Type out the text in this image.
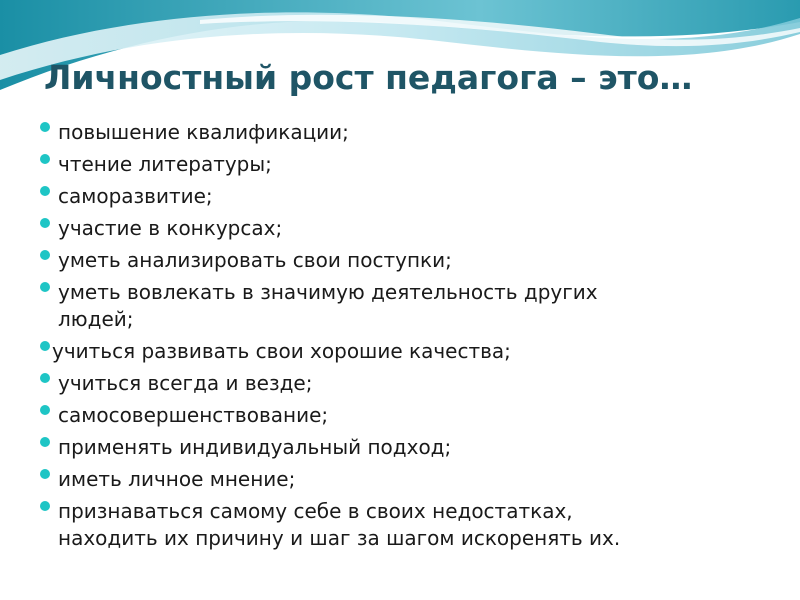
Личностный рост педагога – это…
повышение квалификации;
чтение литературы;
саморазвитие;
участие в конкурсах;
уметь анализировать свои поступки;
уметь вовлекать в значимую деятельность других
людей;
учиться развивать свои хорошие качества;
учиться всегда и везде;
самосовершенствование;
применять индивидуальный подход;
иметь личное мнение;
признаваться самому себе в своих недостатках,
находить их причину и шаг за шагом искоренять их.
